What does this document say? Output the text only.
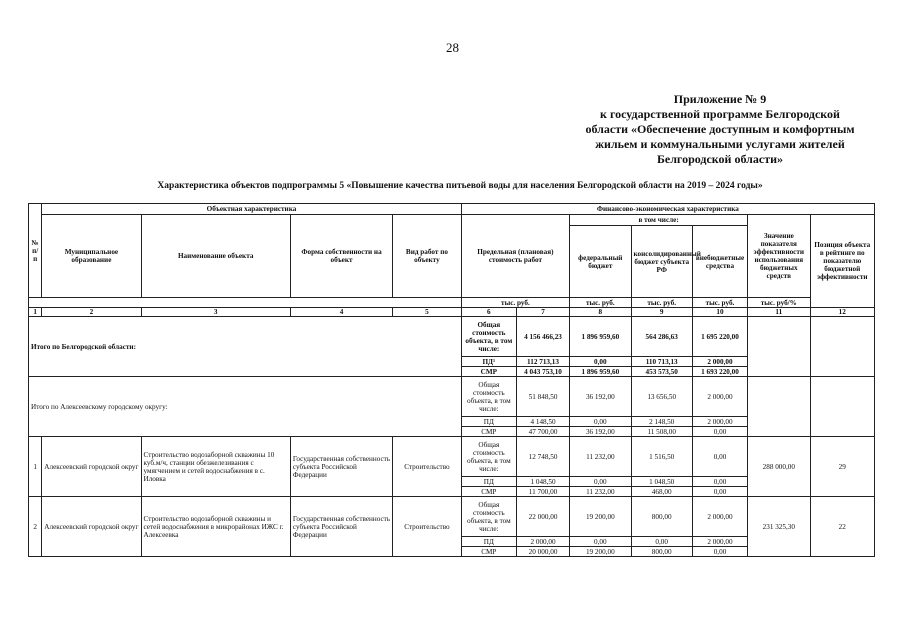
28
Приложение № 9
к государственной программе Белгородской
области «Обеспечение доступным и комфортным
жильем и коммунальными услугами жителей
Белгородской области»
Характеристика объектов подпрограммы 5 «Повышение качества питьевой воды для населения Белгородской области на 2019 – 2024 годы»
№ п/п	Объектная характеристика				Финансово-экономическая характеристика						
	Муниципальное образование	Наименование объекта	Форма собственности на объект	Вид работ по объекту	Предельная (плановая) стоимость работ		в том числе:			Значение показателя эффективности использования бюджетных средств	Позиция объекта в рейтинге по показателю бюджетной эффективности
							федеральный бюджет	консолидированный бюджет субъекта РФ	внебюджетные средства		
					тыс. руб.		тыс. руб.	тыс. руб.	тыс. руб.	тыс. руб/%	
1	2	3	4	5	6	7	8	9	10	11	12
Итого по Белгородской области:					Общая стоимость объекта, в том числе:	4 156 466,23	1 896 959,60	564 286,63	1 695 220,00		
					ПД¹	112 713,13	0,00	110 713,13	2 000,00		
					СМР	4 043 753,10	1 896 959,60	453 573,50	1 693 220,00		
Итого по Алексеевскому городскому округу:					Общая стоимость объекта, в том числе:	51 848,50	36 192,00	13 656,50	2 000,00		
					ПД	4 148,50	0,00	2 148,50	2 000,00		
					СМР	47 700,00	36 192,00	11 508,00	0,00		
1	Алексеевский городской округ	Строительство водозаборной скважины 10 куб.м/ч, станции обезжелезивания с умягчением и сетей водоснабжения в с. Иловка	Государственная собственность субъекта Российской Федерации	Строительство	Общая стоимость объекта, в том числе:	12 748,50	11 232,00	1 516,50	0,00	288 000,00	29
					ПД	1 048,50	0,00	1 048,50	0,00		
					СМР	11 700,00	11 232,00	468,00	0,00		
2	Алексеевский городской округ	Строительство водозаборной скважины и сетей водоснабжения в микрорайонах ИЖС г. Алексеевка	Государственная собственность субъекта Российской Федерации	Строительство	Общая стоимость объекта, в том числе:	22 000,00	19 200,00	800,00	2 000,00	231 325,30	22
					ПД	2 000,00	0,00	0,00	2 000,00		
					СМР	20 000,00	19 200,00	800,00	0,00		
